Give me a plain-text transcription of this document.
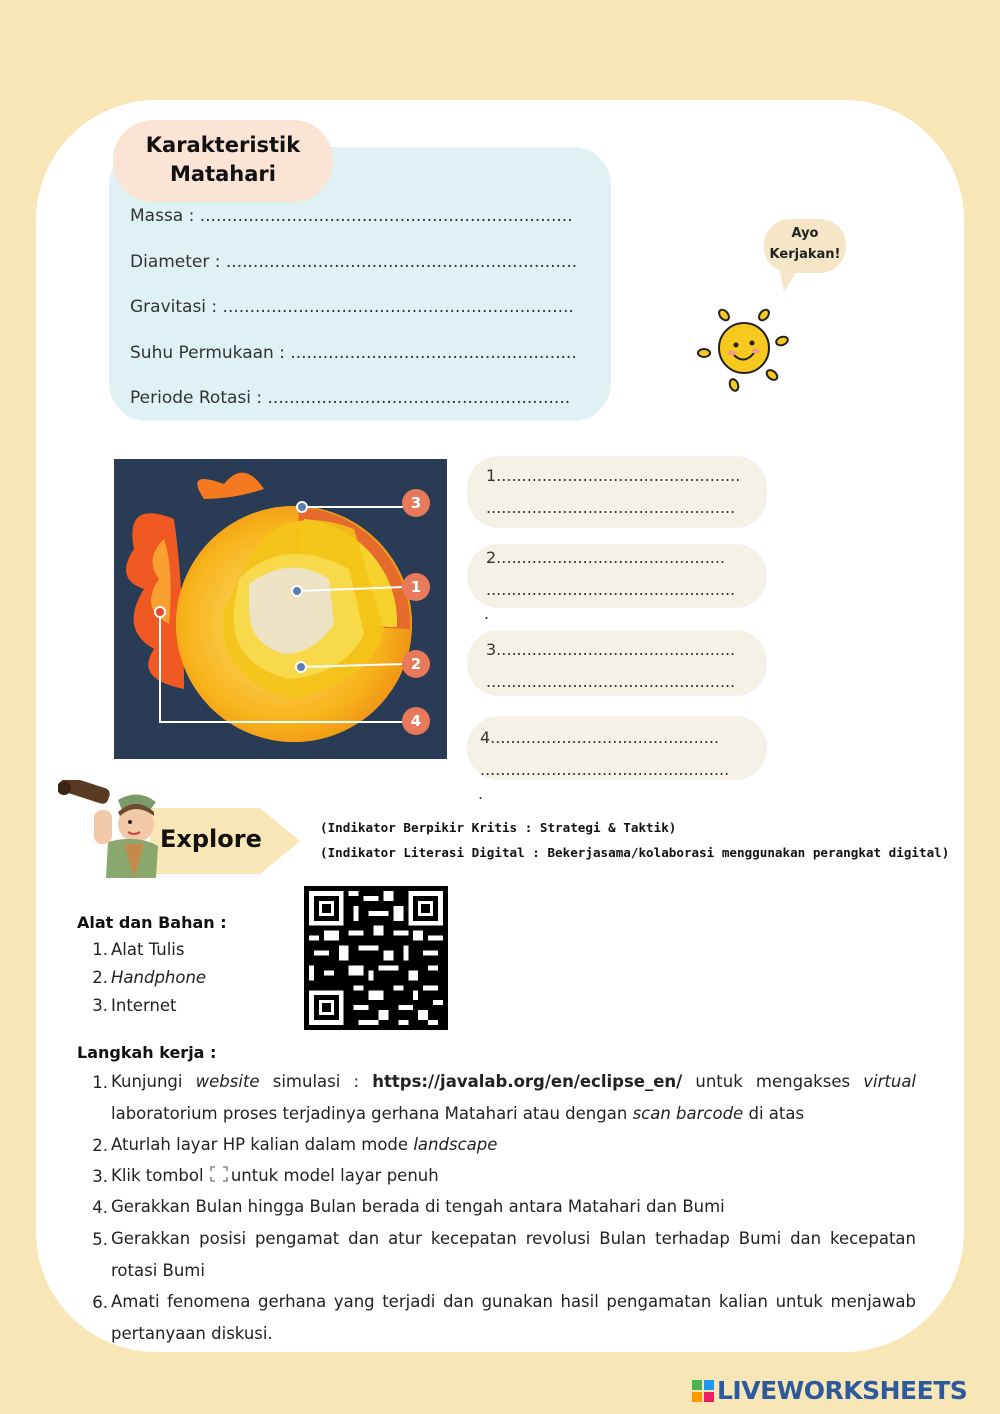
Karakteristik
Matahari
Massa : .....................................................................
Diameter : .................................................................
Gravitasi : .................................................................
Suhu Permukaan : .....................................................
Periode Rotasi : ........................................................
Ayo
Kerjakan!
3
1
2
4
1................................................
.................................................
2.............................................
.................................................
.
3...............................................
.................................................
4.............................................
.................................................
.
Explore	(Indikator Berpikir Kritis : Strategi & Taktik)
(Indikator Literasi Digital : Bekerjasama/kolaborasi menggunakan perangkat digital)
Alat dan Bahan :
1. Alat Tulis
2. Handphone
3. Internet
Langkah kerja :
1. Kunjungi website simulasi : https://javalab.org/en/eclipse_en/ untuk mengakses virtual laboratorium proses terjadinya gerhana Matahari atau dengan scan barcode di atas
2. Aturlah layar HP kalian dalam mode landscape
3. Klik tombol untuk model layar penuh
4. Gerakkan Bulan hingga Bulan berada di tengah antara Matahari dan Bumi
5. Gerakkan posisi pengamat dan atur kecepatan revolusi Bulan terhadap Bumi dan kecepatan rotasi Bumi
6. Amati fenomena gerhana yang terjadi dan gunakan hasil pengamatan kalian untuk menjawab pertanyaan diskusi.
LIVEWORKSHEETS
